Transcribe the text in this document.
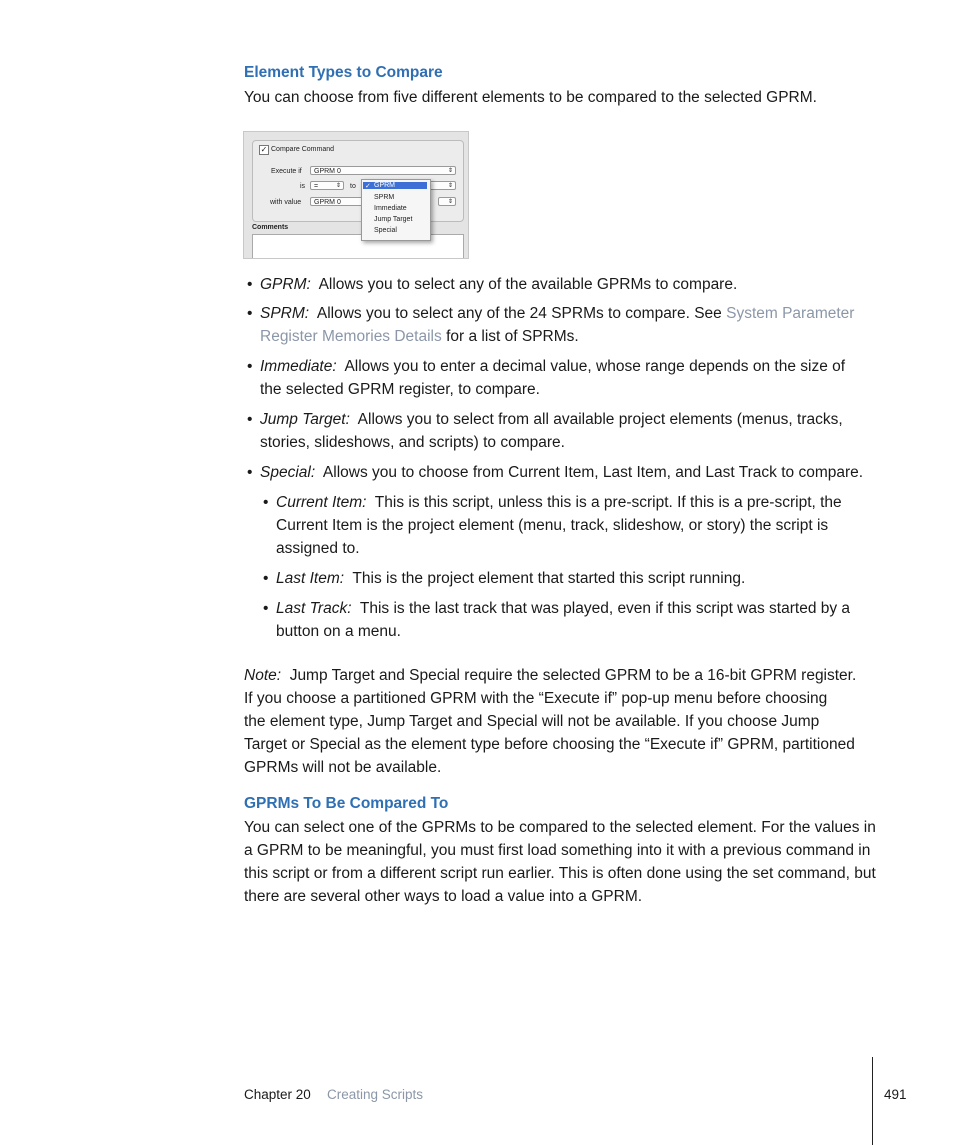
Element Types to Compare

You can choose from five different elements to be compared to the selected GPRM.

✓ Compare Command
Execute if	GPRM 0	⇕
is	=	⇕ to	⇕
with value	GPRM 0	⇕
Comments
✓ GPRM
SPRM
Immediate
Jump Target
Special
• GPRM: Allows you to select any of the available GPRMs to compare.
• SPRM: Allows you to select any of the 24 SPRMs to compare. See System Parameter
Register Memories Details for a list of SPRMs.
• Immediate: Allows you to enter a decimal value, whose range depends on the size of
the selected GPRM register, to compare.
• Jump Target: Allows you to select from all available project elements (menus, tracks,
stories, slideshows, and scripts) to compare.
• Special: Allows you to choose from Current Item, Last Item, and Last Track to compare.
• Current Item: This is this script, unless this is a pre-script. If this is a pre-script, the
Current Item is the project element (menu, track, slideshow, or story) the script is
assigned to.
• Last Item: This is the project element that started this script running.
• Last Track: This is the last track that was played, even if this script was started by a
button on a menu.
Note: Jump Target and Special require the selected GPRM to be a 16-bit GPRM register.
If you choose a partitioned GPRM with the “Execute if” pop-up menu before choosing
the element type, Jump Target and Special will not be available. If you choose Jump
Target or Special as the element type before choosing the “Execute if” GPRM, partitioned
GPRMs will not be available.
GPRMs To Be Compared To

You can select one of the GPRMs to be compared to the selected element. For the values in a GPRM to be meaningful, you must first load something into it with a previous command in this script or from a different script run earlier. This is often done using the set command, but there are several other ways to load a value into a GPRM.

Chapter 20 Creating Scripts	491
